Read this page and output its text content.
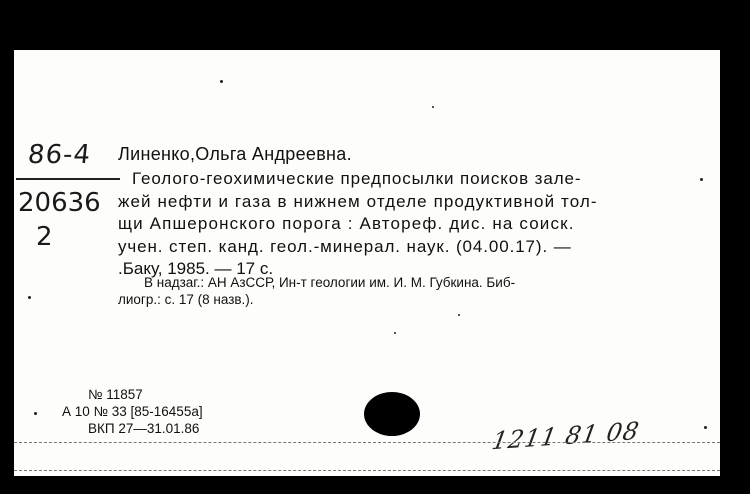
86-4
20636
2
Линенко,Ольга Андреевна.
Геолого-геохимические предпосылки поисков зале-
жей нефти и газа в нижнем отделе продуктивной тол-
щи Апшеронского порога : Автореф. дис. на соиск.
учен. степ. канд. геол.-минерал. наук. (04.00.17). —
.Баку, 1985. — 17 с.
В надзаг.: АН АзССР, Ин-т геологии им. И. М. Губкина. Биб-
лиогр.: с. 17 (8 назв.).
№ 11857
А 10 № 33 [85-16455а]
ВКП 27—31.01.86	1211 81 08
